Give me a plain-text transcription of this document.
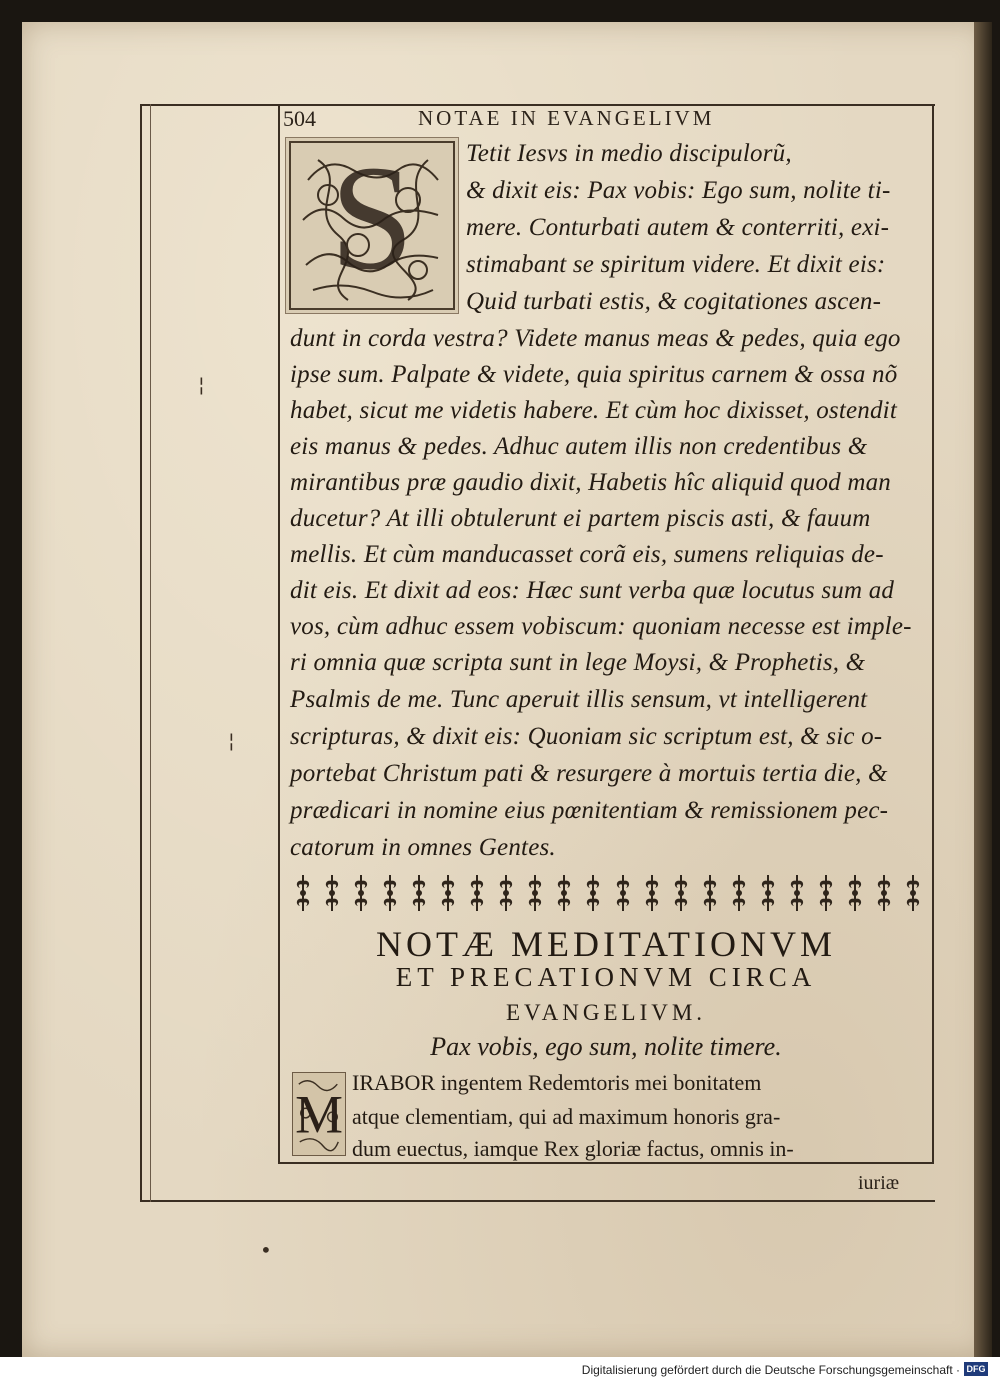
504	NOTAE IN EVANGELIVM
¦
¦
•
S Tetit Iesvs in medio discipulorũ,
& dixit eis: Pax vobis: Ego sum, nolite ti-
mere. Conturbati autem & conterriti, exi-
stimabant se spiritum videre. Et dixit eis:
Quid turbati estis, & cogitationes ascen-
dunt in corda vestra? Videte manus meas & pedes, quia ego
ipse sum. Palpate & videte, quia spiritus carnem & ossa nõ
habet, sicut me videtis habere. Et cùm hoc dixisset, ostendit
eis manus & pedes. Adhuc autem illis non credentibus &
mirantibus præ gaudio dixit, Habetis hîc aliquid quod man
ducetur? At illi obtulerunt ei partem piscis asti, & fauum
mellis. Et cùm manducasset corã eis, sumens reliquias de-
dit eis. Et dixit ad eos: Hæc sunt verba quæ locutus sum ad
vos, cùm adhuc essem vobiscum: quoniam necesse est imple-
ri omnia quæ scripta sunt in lege Moysi, & Prophetis, &
Psalmis de me. Tunc aperuit illis sensum, vt intelligerent
scripturas, & dixit eis: Quoniam sic scriptum est, & sic o-
portebat Christum pati & resurgere à mortuis tertia die, &
prædicari in nomine eius pœnitentiam & remissionem pec-
catorum in omnes Gentes.
NOTÆ MEDITATIONVM
ET PRECATIONVM CIRCA
EVANGELIVM.
Pax vobis, ego sum, nolite timere.
M
IRABOR ingentem Redemtoris mei bonitatem
atque clementiam, qui ad maximum honoris gra-
dum euectus, iamque Rex gloriæ factus, omnis in-
iuriæ
Digitalisierung gefördert durch die Deutsche Forschungsgemeinschaft · DFG
